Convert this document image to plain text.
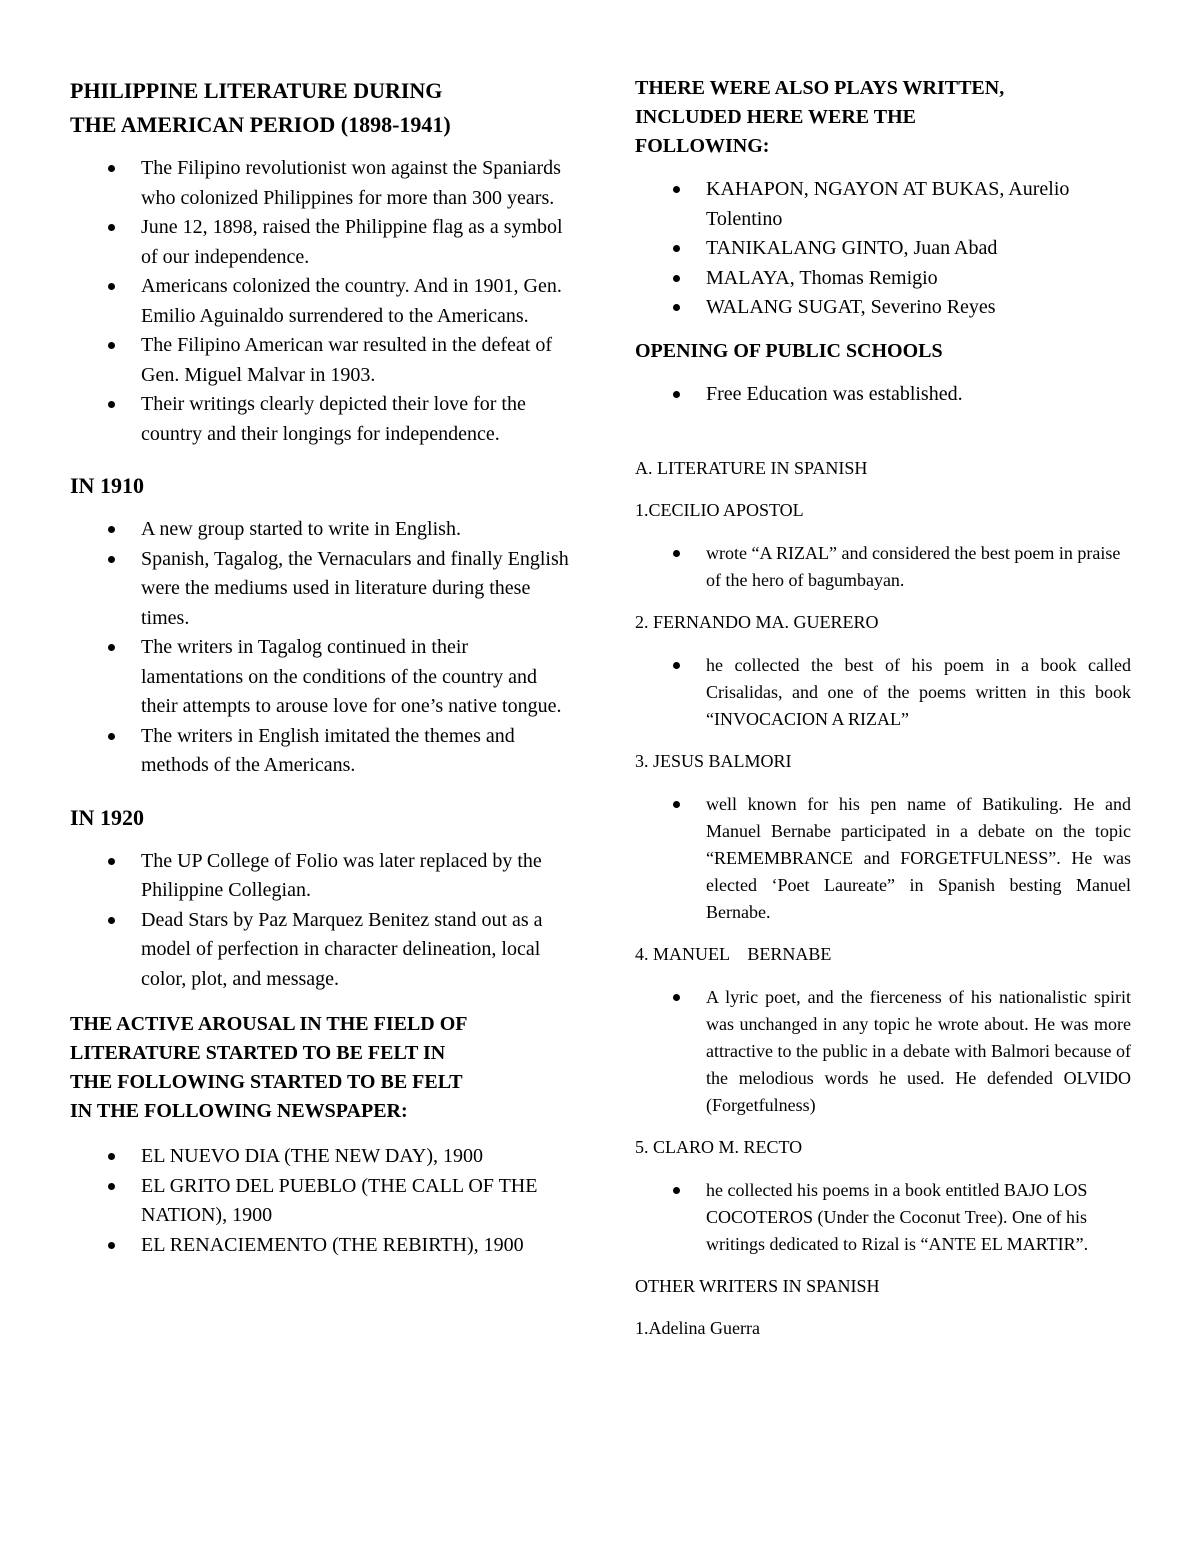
PHILIPPINE LITERATURE DURING
THE AMERICAN PERIOD (1898-1941)
The Filipino revolutionist won against the Spaniards who colonized Philippines for more than 300 years.
June 12, 1898, raised the Philippine flag as a symbol of our independence.
Americans colonized the country. And in 1901, Gen. Emilio Aguinaldo surrendered to the Americans.
The Filipino American war resulted in the defeat of Gen. Miguel Malvar in 1903.
Their writings clearly depicted their love for the country and their longings for independence.
IN 1910
A new group started to write in English.
Spanish, Tagalog, the Vernaculars and finally English were the mediums used in literature during these times.
The writers in Tagalog continued in their lamentations on the conditions of the country and their attempts to arouse love for one’s native tongue.
The writers in English imitated the themes and methods of the Americans.
IN 1920
The UP College of Folio was later replaced by the Philippine Collegian.
Dead Stars by Paz Marquez Benitez stand out as a model of perfection in character delineation, local color, plot, and message.
THE ACTIVE AROUSAL IN THE FIELD OF
LITERATURE STARTED TO BE FELT IN
THE FOLLOWING STARTED TO BE FELT
IN THE FOLLOWING NEWSPAPER:
EL NUEVO DIA (THE NEW DAY), 1900
EL GRITO DEL PUEBLO (THE CALL OF THE NATION), 1900
EL RENACIEMENTO (THE REBIRTH), 1900
THERE WERE ALSO PLAYS WRITTEN,
INCLUDED HERE WERE THE
FOLLOWING:
KAHAPON, NGAYON AT BUKAS, Aurelio Tolentino
TANIKALANG GINTO, Juan Abad
MALAYA, Thomas Remigio
WALANG SUGAT, Severino Reyes
OPENING OF PUBLIC SCHOOLS
Free Education was established.

A. LITERATURE IN SPANISH

1.CECILIO APOSTOL

wrote “A RIZAL” and considered the best poem in praise of the hero of bagumbayan.

2. FERNANDO MA. GUERERO

he collected the best of his poem in a book called Crisalidas, and one of the poems written in this book “INVOCACION A RIZAL”

3. JESUS BALMORI

well known for his pen name of Batikuling. He and Manuel Bernabe participated in a debate on the topic “REMEMBRANCE and FORGETFULNESS”. He was elected ‘Poet Laureate” in Spanish besting Manuel Bernabe.

4. MANUEL    BERNABE

A lyric poet, and the fierceness of his nationalistic spirit was unchanged in any topic he wrote about. He was more attractive to the public in a debate with Balmori because of the melodious words he used. He defended OLVIDO (Forgetfulness)

5. CLARO M. RECTO

he collected his poems in a book entitled BAJO LOS COCOTEROS (Under the Coconut Tree). One of his writings dedicated to Rizal is “ANTE EL MARTIR”.

OTHER WRITERS IN SPANISH

1.Adelina Guerra
